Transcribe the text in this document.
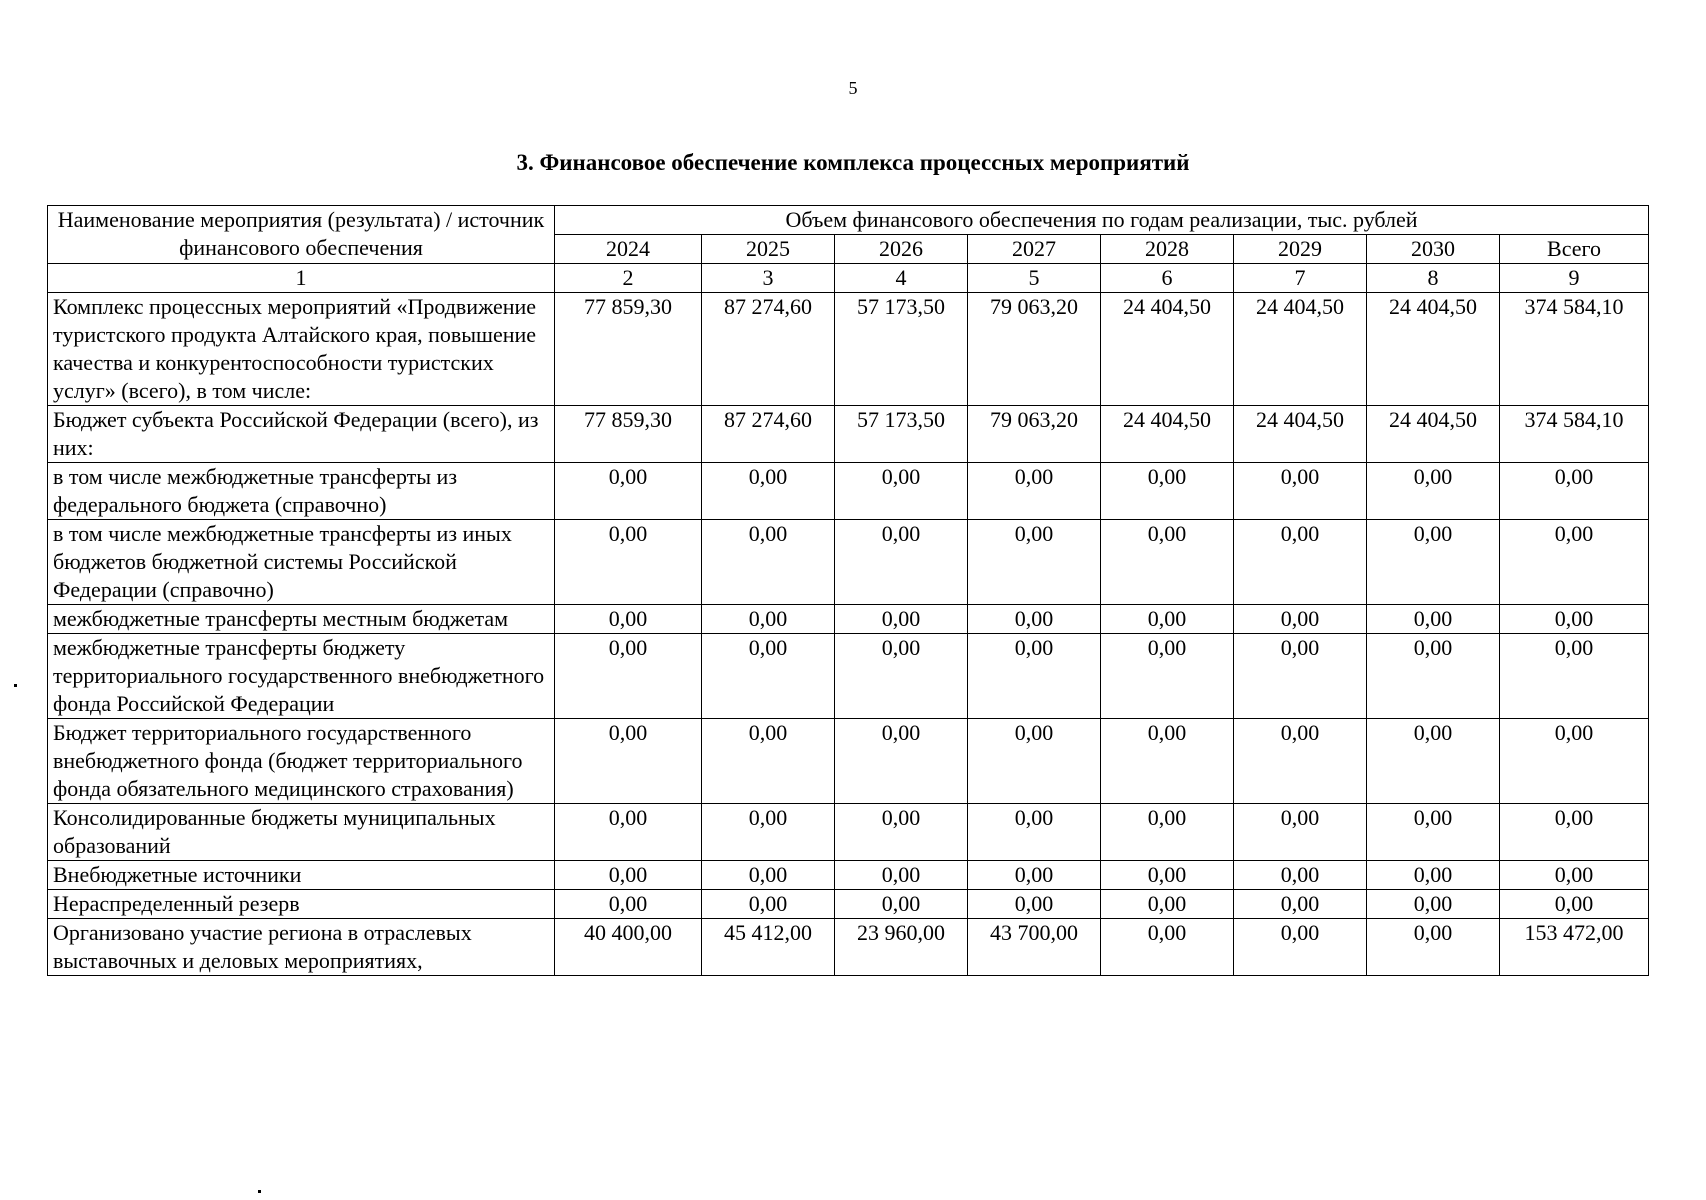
5
3. Финансовое обеспечение комплекса процессных мероприятий
Наименование мероприятия (результата) / источник финансового обеспечения	Объем финансового обеспечения по годам реализации, тыс. рублей							
	2024	2025	2026	2027	2028	2029	2030	Всего
1	2	3	4	5	6	7	8	9
Комплекс процессных мероприятий «Продвижение туристского продукта Алтайского края, повышение качества и конкурентоспособности туристских услуг» (всего), в том числе:	77 859,30	87 274,60	57 173,50	79 063,20	24 404,50	24 404,50	24 404,50	374 584,10
Бюджет субъекта Российской Федерации (всего), из них:	77 859,30	87 274,60	57 173,50	79 063,20	24 404,50	24 404,50	24 404,50	374 584,10
в том числе межбюджетные трансферты из федерального бюджета (справочно)	0,00	0,00	0,00	0,00	0,00	0,00	0,00	0,00
в том числе межбюджетные трансферты из иных бюджетов бюджетной системы Российской Федерации (справочно)	0,00	0,00	0,00	0,00	0,00	0,00	0,00	0,00
межбюджетные трансферты местным бюджетам	0,00	0,00	0,00	0,00	0,00	0,00	0,00	0,00
межбюджетные трансферты бюджету территориального государственного внебюджетного фонда Российской Федерации	0,00	0,00	0,00	0,00	0,00	0,00	0,00	0,00
Бюджет территориального государственного внебюджетного фонда (бюджет территориального фонда обязательного медицинского страхования)	0,00	0,00	0,00	0,00	0,00	0,00	0,00	0,00
Консолидированные бюджеты муниципальных образований	0,00	0,00	0,00	0,00	0,00	0,00	0,00	0,00
Внебюджетные источники	0,00	0,00	0,00	0,00	0,00	0,00	0,00	0,00
Нераспределенный резерв	0,00	0,00	0,00	0,00	0,00	0,00	0,00	0,00
Организовано участие региона в отраслевых выставочных и деловых мероприятиях,	40 400,00	45 412,00	23 960,00	43 700,00	0,00	0,00	0,00	153 472,00
